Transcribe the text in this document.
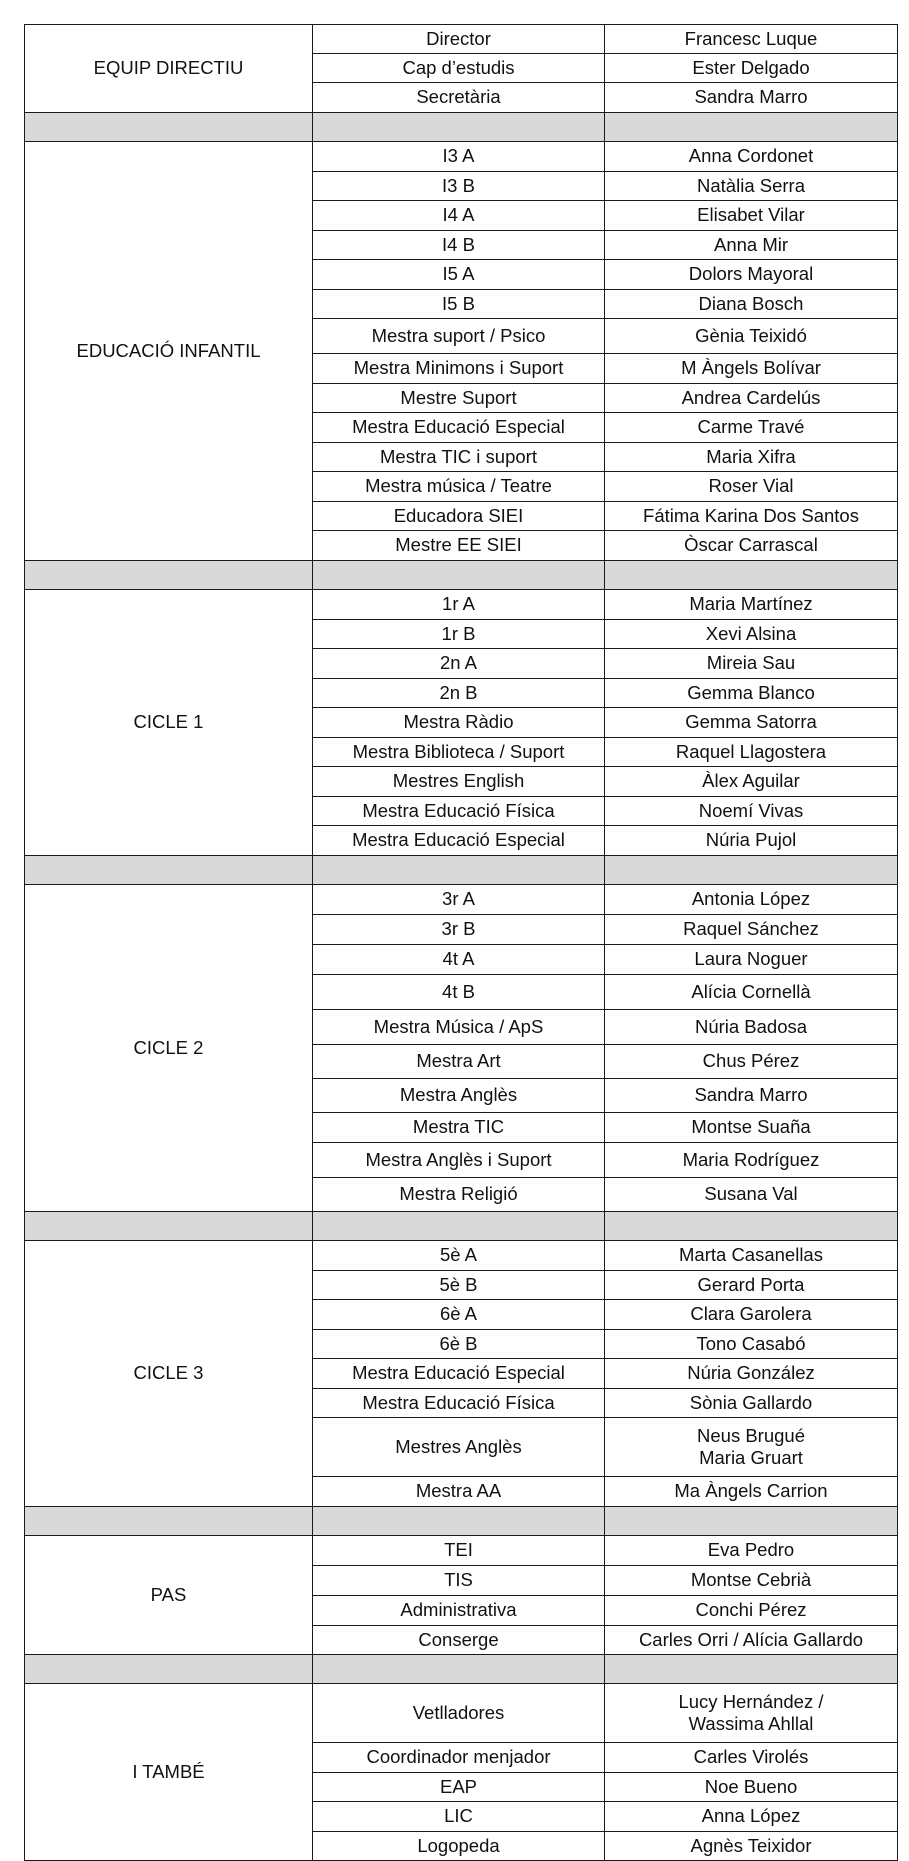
EQUIP DIRECTIU	Director	Francesc Luque

	Cap d’estudis	Ester Delgado

	Secretària	Sandra Marro

EDUCACIÓ INFANTIL	I3 A	Anna Cordonet

	I3 B	Natàlia Serra

	I4 A	Elisabet Vilar

	I4 B	Anna Mir

	I5 A	Dolors Mayoral

	I5 B	Diana Bosch

	Mestra suport / Psico	Gènia Teixidó

	Mestra Minimons i Suport	M Àngels Bolívar

	Mestre Suport	Andrea Cardelús

	Mestra Educació Especial	Carme Travé

	Mestra TIC i suport	Maria Xifra

	Mestra música / Teatre	Roser Vial

	Educadora SIEI	Fátima Karina Dos Santos

	Mestre EE SIEI	Òscar Carrascal

CICLE 1	1r A	Maria Martínez

	1r B	Xevi Alsina

	2n A	Mireia Sau

	2n B	Gemma Blanco

	Mestra Ràdio	Gemma Satorra

	Mestra Biblioteca / Suport	Raquel Llagostera

	Mestres English	Àlex Aguilar

	Mestra Educació Física	Noemí Vivas

	Mestra Educació Especial	Núria Pujol

CICLE 2	3r A	Antonia López

	3r B	Raquel Sánchez

	4t A	Laura Noguer

	4t B	Alícia Cornellà

	Mestra Música / ApS	Núria Badosa

	Mestra Art	Chus Pérez

	Mestra Anglès	Sandra Marro

	Mestra TIC	Montse Suaña

	Mestra Anglès i Suport	Maria Rodríguez

	Mestra Religió	Susana Val

CICLE 3	5è A	Marta Casanellas

	5è B	Gerard Porta

	6è A	Clara Garolera

	6è B	Tono Casabó

	Mestra Educació Especial	Núria González

	Mestra Educació Física	Sònia Gallardo

	Mestres Anglès	Neus Brugué
Maria Gruart

	Mestra AA	Ma Àngels Carrion

PAS	TEI	Eva Pedro

	TIS	Montse Cebrià

	Administrativa	Conchi Pérez

	Conserge	Carles Orri / Alícia Gallardo

I TAMBÉ	Vetlladores	Lucy Hernández /
Wassima Ahllal

	Coordinador menjador	Carles Virolés

	EAP	Noe Bueno

	LIC	Anna López

	Logopeda	Agnès Teixidor
